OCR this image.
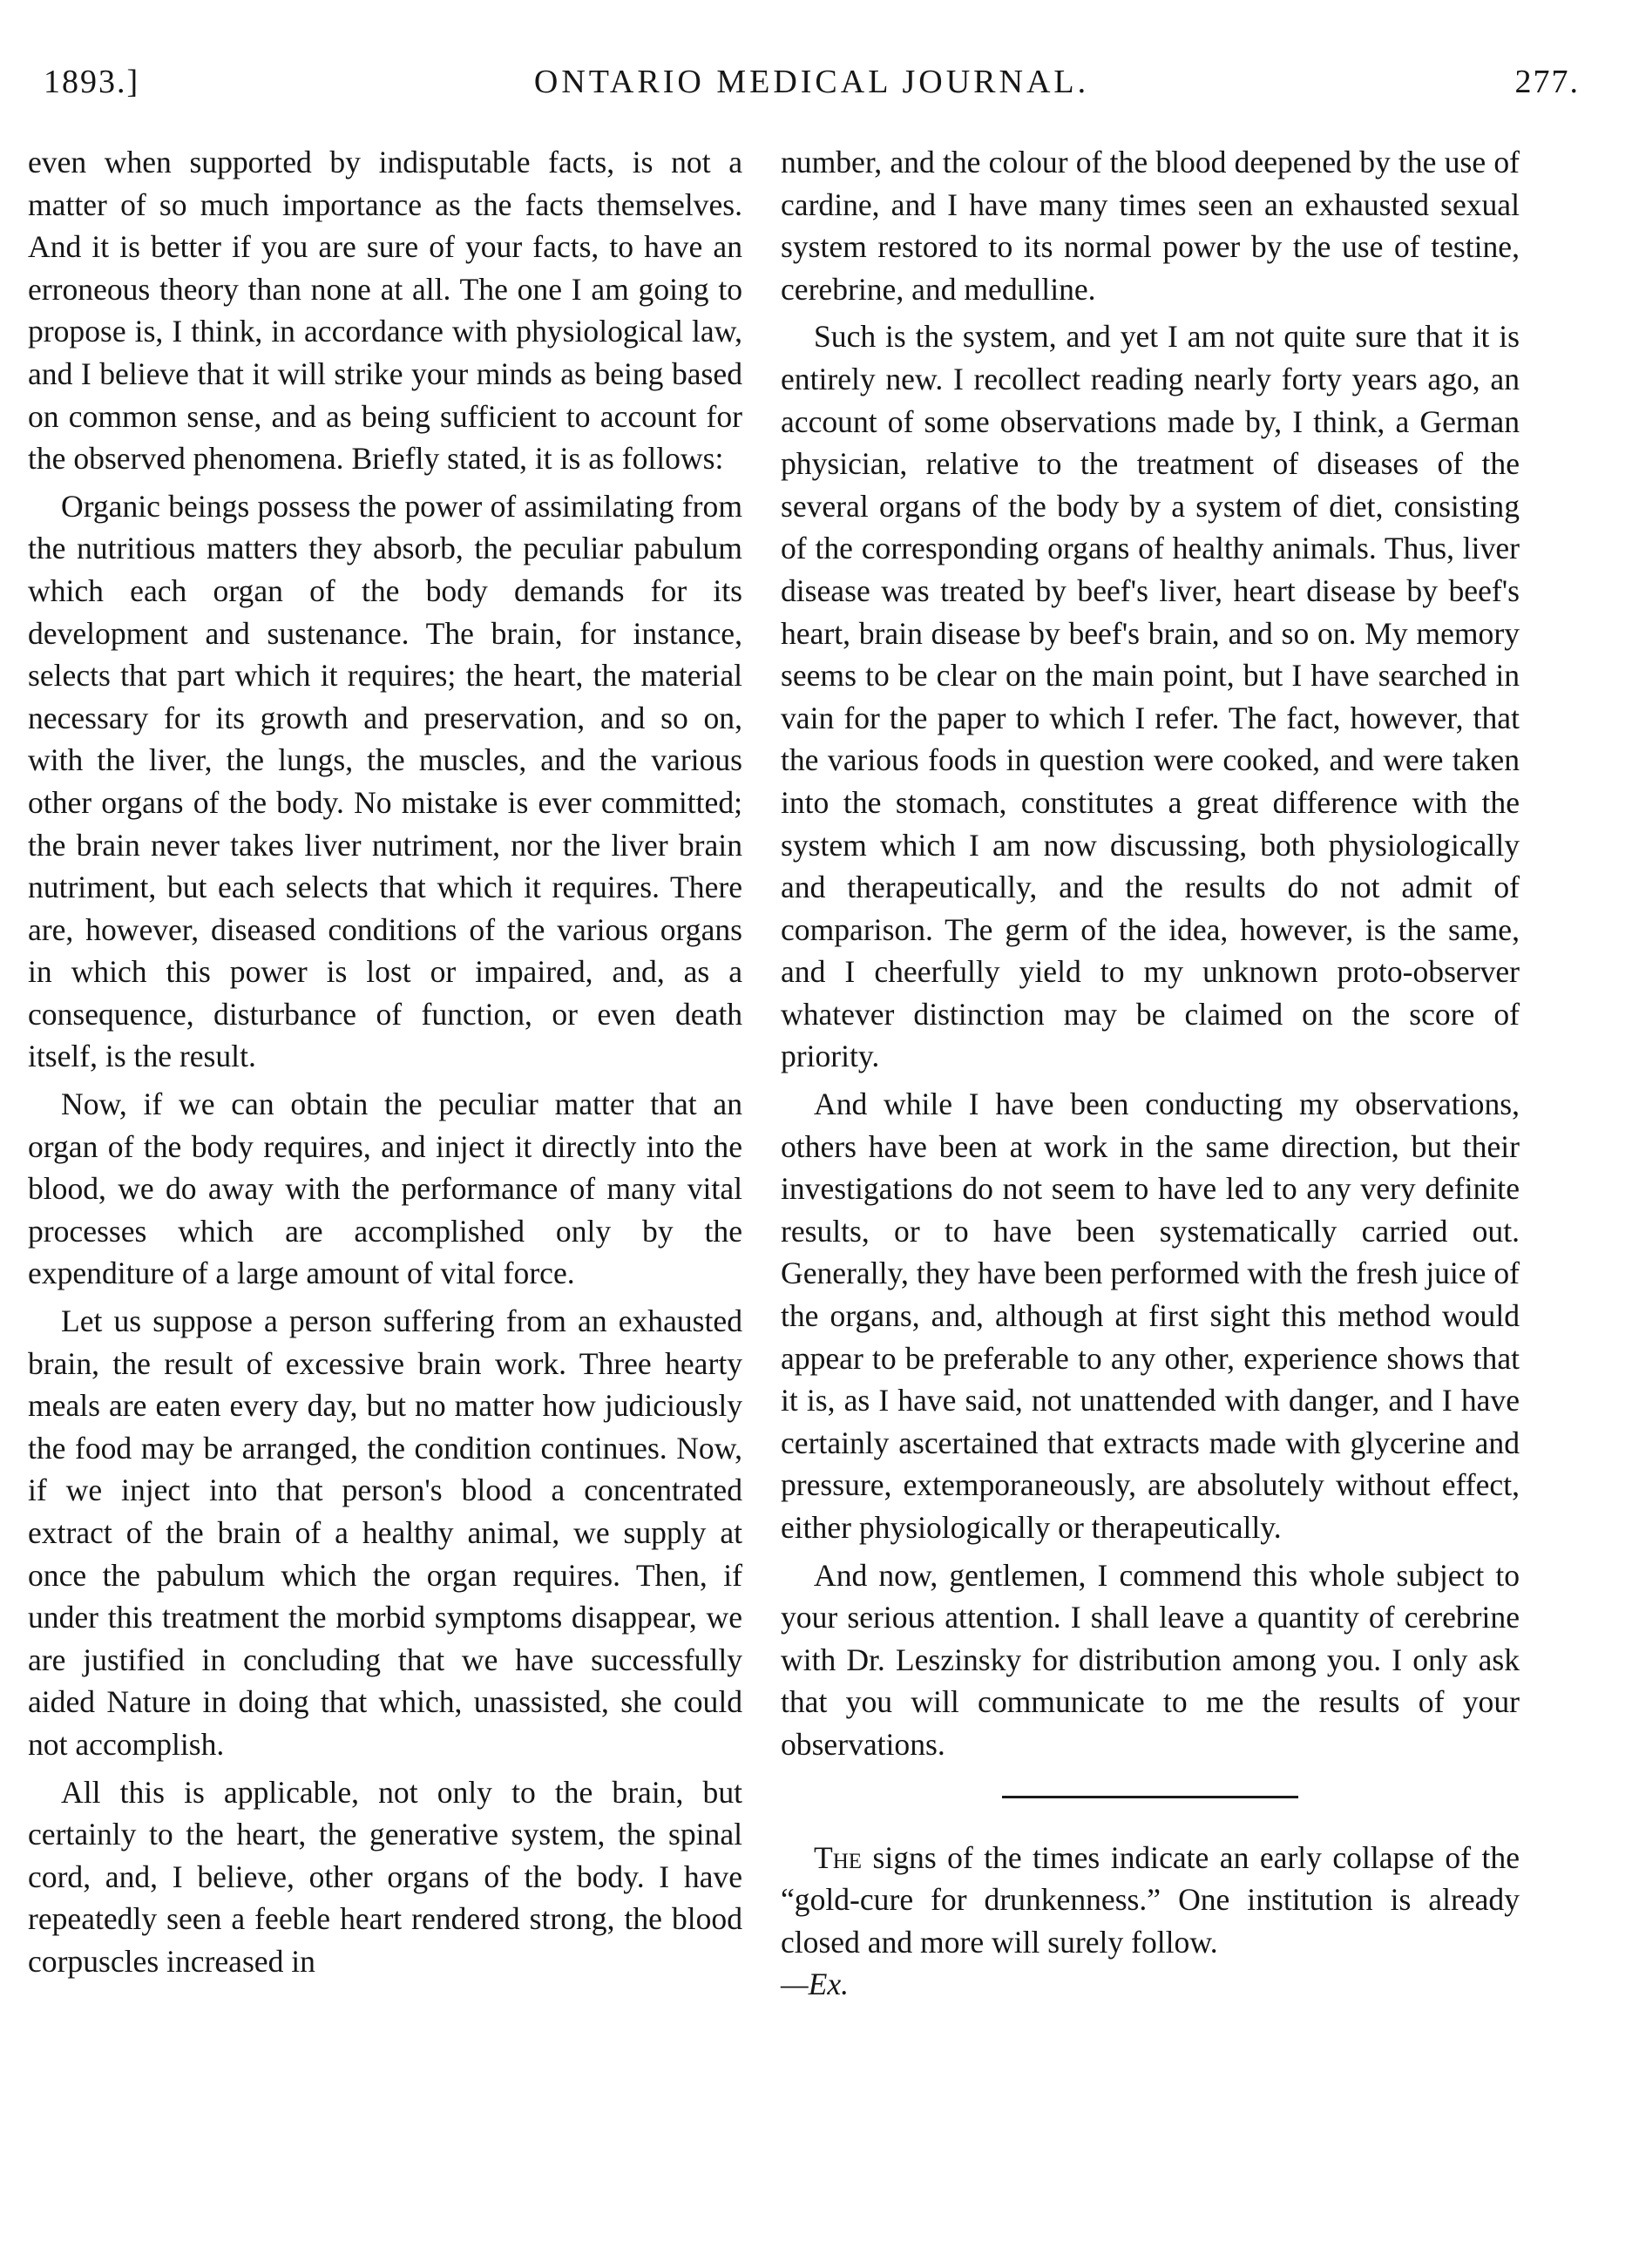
1893.]	ONTARIO MEDICAL JOURNAL.	277.

even when supported by indisputable facts, is not a matter of so much importance as the facts themselves. And it is better if you are sure of your facts, to have an erroneous theory than none at all. The one I am going to propose is, I think, in accordance with physiological law, and I believe that it will strike your minds as being based on common sense, and as being sufficient to account for the observed phenomena. Briefly stated, it is as follows:

Organic beings possess the power of assimilating from the nutritious matters they absorb, the peculiar pabulum which each organ of the body demands for its development and sustenance. The brain, for instance, selects that part which it requires; the heart, the material necessary for its growth and preservation, and so on, with the liver, the lungs, the muscles, and the various other organs of the body. No mistake is ever committed; the brain never takes liver nutriment, nor the liver brain nutriment, but each selects that which it requires. There are, however, diseased conditions of the various organs in which this power is lost or impaired, and, as a consequence, disturbance of function, or even death itself, is the result.

Now, if we can obtain the peculiar matter that an organ of the body requires, and inject it directly into the blood, we do away with the performance of many vital processes which are accomplished only by the expenditure of a large amount of vital force.

Let us suppose a person suffering from an exhausted brain, the result of excessive brain work. Three hearty meals are eaten every day, but no matter how judiciously the food may be arranged, the condition continues. Now, if we inject into that person's blood a concentrated extract of the brain of a healthy animal, we supply at once the pabulum which the organ requires. Then, if under this treatment the morbid symptoms disappear, we are justified in concluding that we have successfully aided Nature in doing that which, unassisted, she could not accomplish.

All this is applicable, not only to the brain, but certainly to the heart, the generative system, the spinal cord, and, I believe, other organs of the body. I have repeatedly seen a feeble heart rendered strong, the blood corpuscles increased in

number, and the colour of the blood deepened by the use of cardine, and I have many times seen an exhausted sexual system restored to its normal power by the use of testine, cerebrine, and medulline.

Such is the system, and yet I am not quite sure that it is entirely new. I recollect reading nearly forty years ago, an account of some observations made by, I think, a German physician, relative to the treatment of diseases of the several organs of the body by a system of diet, consisting of the corresponding organs of healthy animals. Thus, liver disease was treated by beef's liver, heart disease by beef's heart, brain disease by beef's brain, and so on. My memory seems to be clear on the main point, but I have searched in vain for the paper to which I refer. The fact, however, that the various foods in question were cooked, and were taken into the stomach, constitutes a great difference with the system which I am now discussing, both physiologically and therapeutically, and the results do not admit of comparison. The germ of the idea, however, is the same, and I cheerfully yield to my unknown proto-observer whatever distinction may be claimed on the score of priority.

And while I have been conducting my observations, others have been at work in the same direction, but their investigations do not seem to have led to any very definite results, or to have been systematically carried out. Generally, they have been performed with the fresh juice of the organs, and, although at first sight this method would appear to be preferable to any other, experience shows that it is, as I have said, not unattended with danger, and I have certainly ascertained that extracts made with glycerine and pressure, extemporaneously, are absolutely without effect, either physiologically or therapeutically.

And now, gentlemen, I commend this whole subject to your serious attention. I shall leave a quantity of cerebrine with Dr. Leszinsky for distribution among you. I only ask that you will communicate to me the results of your observations.

The signs of the times indicate an early collapse of the “gold-cure for drunkenness.” One institution is already closed and more will surely follow.
—Ex.
